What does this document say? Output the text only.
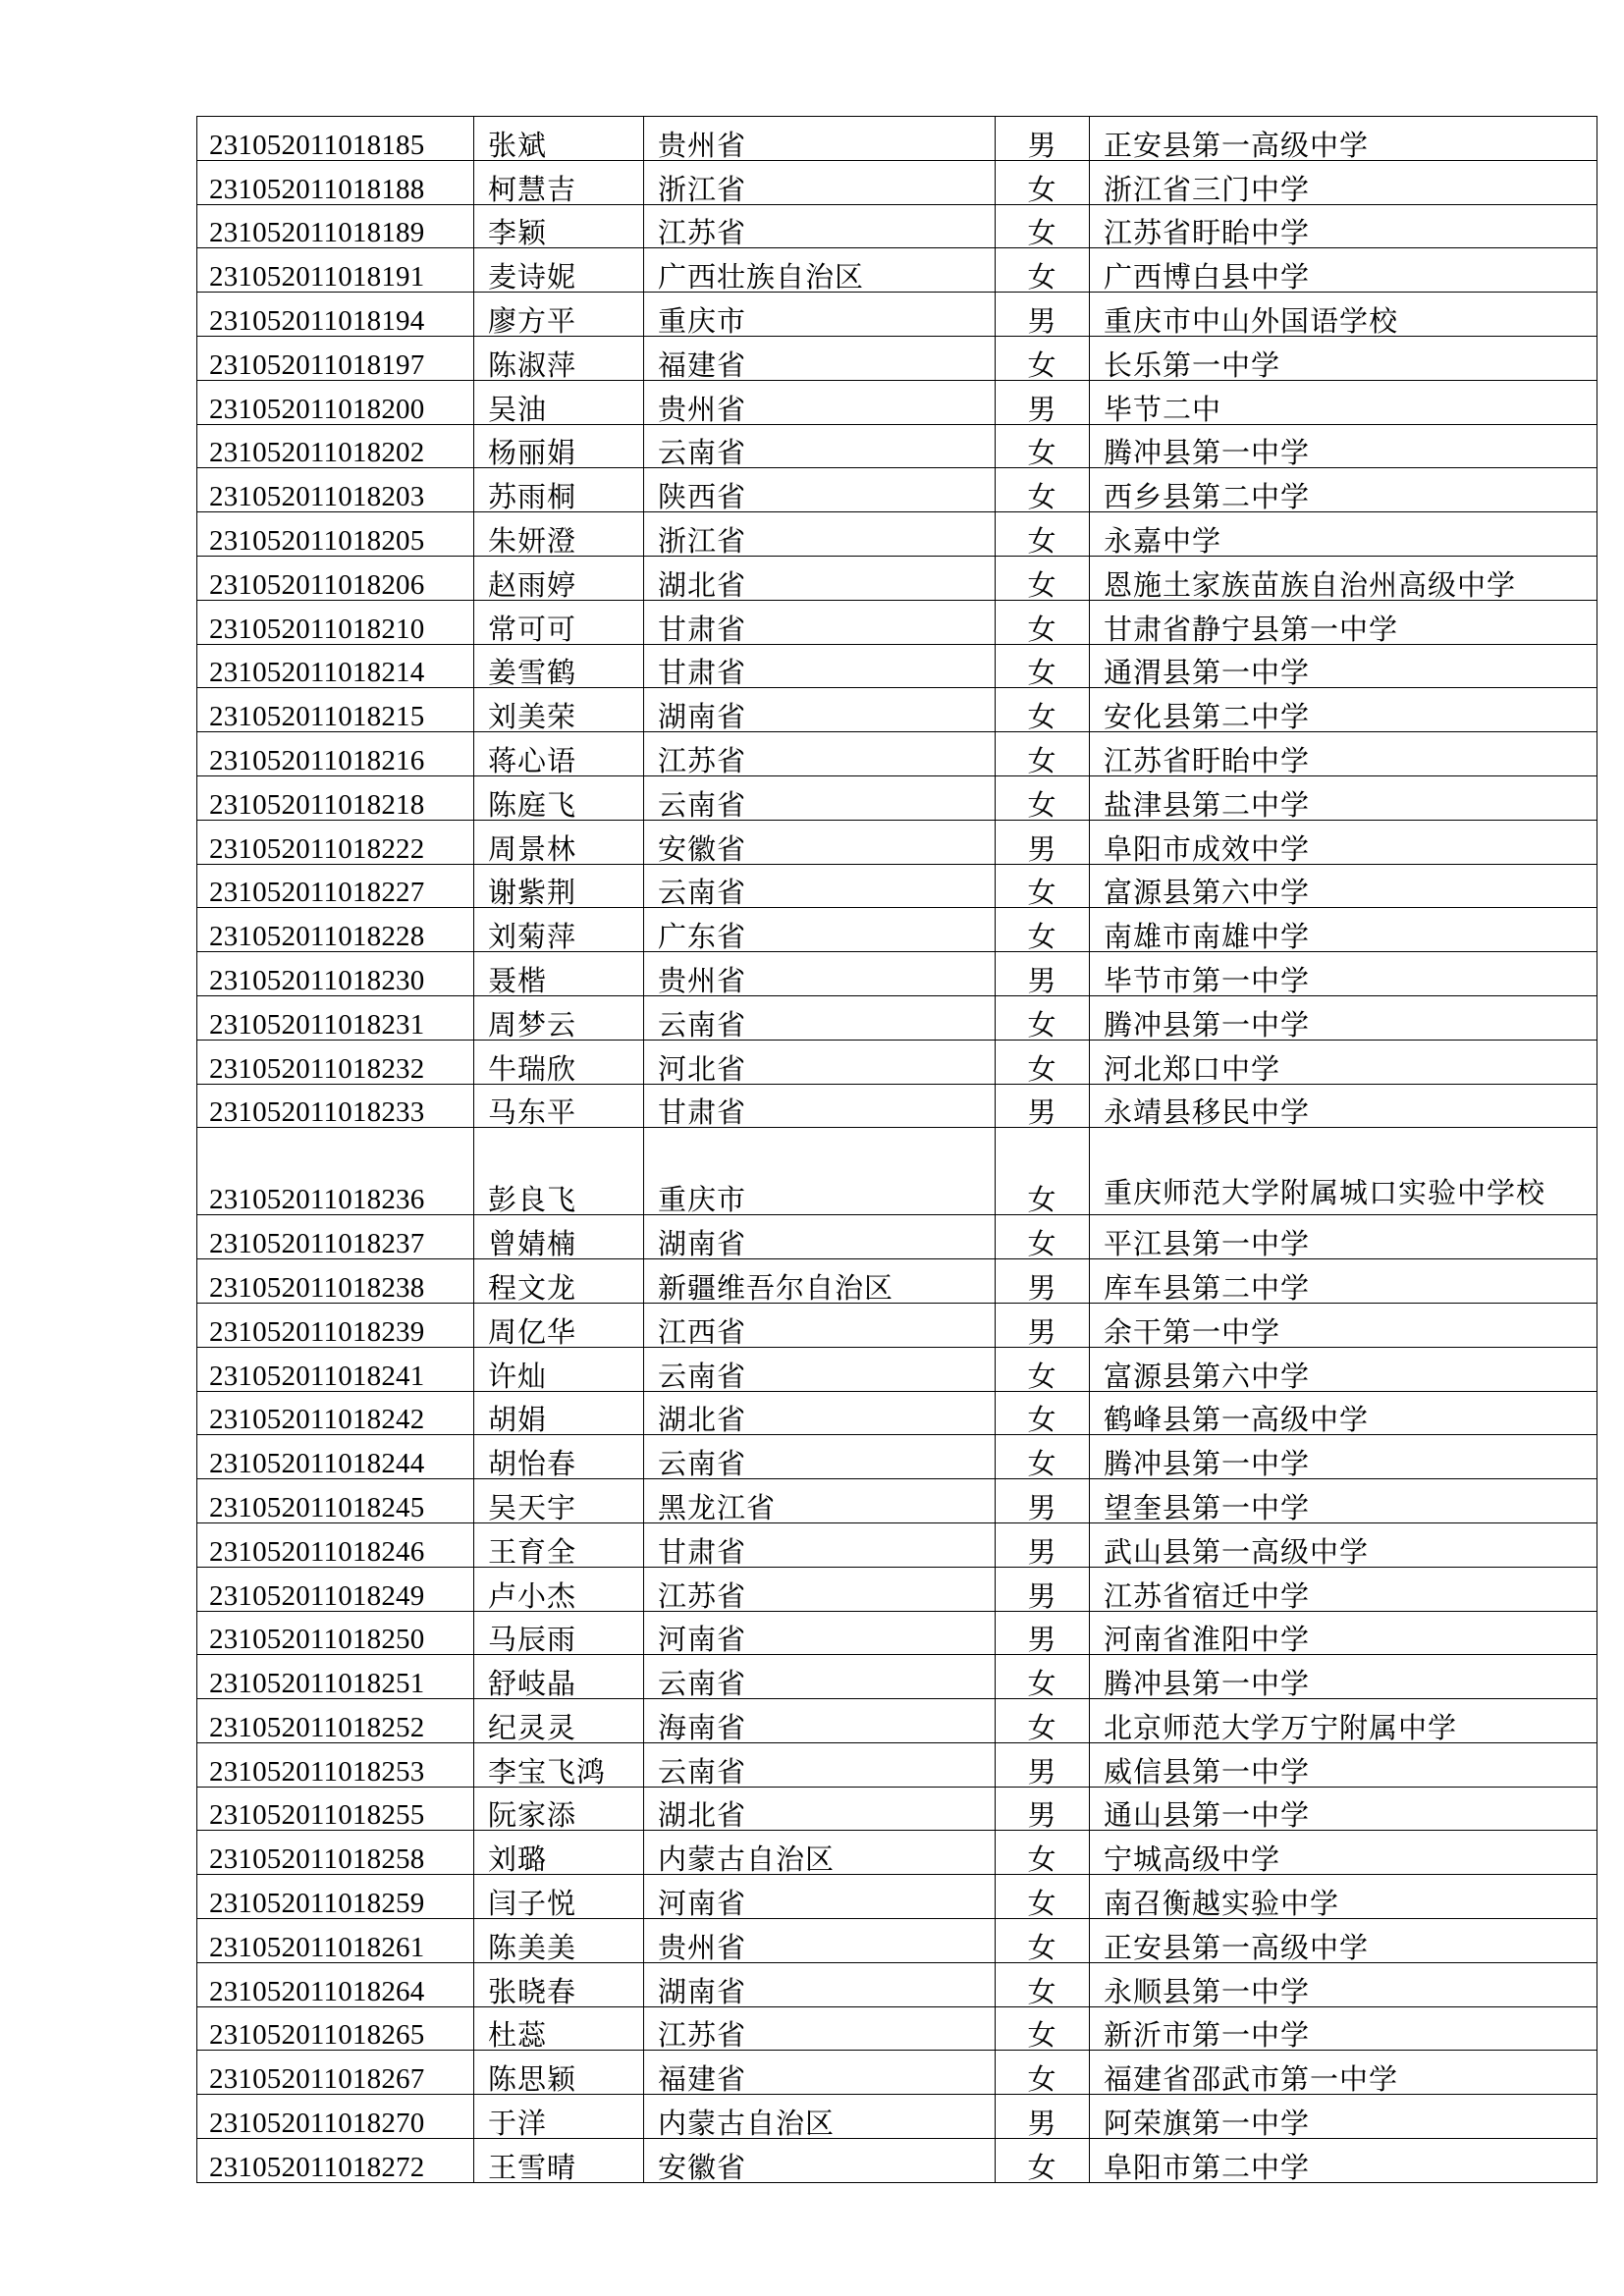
231052011018185	张斌	贵州省	男	正安县第一高级中学
231052011018188	柯慧吉	浙江省	女	浙江省三门中学
231052011018189	李颖	江苏省	女	江苏省盱眙中学
231052011018191	麦诗妮	广西壮族自治区	女	广西博白县中学
231052011018194	廖方平	重庆市	男	重庆市中山外国语学校
231052011018197	陈淑萍	福建省	女	长乐第一中学
231052011018200	吴油	贵州省	男	毕节二中
231052011018202	杨丽娟	云南省	女	腾冲县第一中学
231052011018203	苏雨桐	陕西省	女	西乡县第二中学
231052011018205	朱妍澄	浙江省	女	永嘉中学
231052011018206	赵雨婷	湖北省	女	恩施土家族苗族自治州高级中学
231052011018210	常可可	甘肃省	女	甘肃省静宁县第一中学
231052011018214	姜雪鹤	甘肃省	女	通渭县第一中学
231052011018215	刘美荣	湖南省	女	安化县第二中学
231052011018216	蒋心语	江苏省	女	江苏省盱眙中学
231052011018218	陈庭飞	云南省	女	盐津县第二中学
231052011018222	周景林	安徽省	男	阜阳市成效中学
231052011018227	谢紫荆	云南省	女	富源县第六中学
231052011018228	刘菊萍	广东省	女	南雄市南雄中学
231052011018230	聂楷	贵州省	男	毕节市第一中学
231052011018231	周梦云	云南省	女	腾冲县第一中学
231052011018232	牛瑞欣	河北省	女	河北郑口中学
231052011018233	马东平	甘肃省	男	永靖县移民中学
231052011018236	彭良飞	重庆市	女	重庆师范大学附属城口实验中学校
231052011018237	曾婧楠	湖南省	女	平江县第一中学
231052011018238	程文龙	新疆维吾尔自治区	男	库车县第二中学
231052011018239	周亿华	江西省	男	余干第一中学
231052011018241	许灿	云南省	女	富源县第六中学
231052011018242	胡娟	湖北省	女	鹤峰县第一高级中学
231052011018244	胡怡春	云南省	女	腾冲县第一中学
231052011018245	吴天宇	黑龙江省	男	望奎县第一中学
231052011018246	王育全	甘肃省	男	武山县第一高级中学
231052011018249	卢小杰	江苏省	男	江苏省宿迁中学
231052011018250	马辰雨	河南省	男	河南省淮阳中学
231052011018251	舒岐晶	云南省	女	腾冲县第一中学
231052011018252	纪灵灵	海南省	女	北京师范大学万宁附属中学
231052011018253	李宝飞鸿	云南省	男	威信县第一中学
231052011018255	阮家添	湖北省	男	通山县第一中学
231052011018258	刘璐	内蒙古自治区	女	宁城高级中学
231052011018259	闫子悦	河南省	女	南召衡越实验中学
231052011018261	陈美美	贵州省	女	正安县第一高级中学
231052011018264	张晓春	湖南省	女	永顺县第一中学
231052011018265	杜蕊	江苏省	女	新沂市第一中学
231052011018267	陈思颖	福建省	女	福建省邵武市第一中学
231052011018270	于洋	内蒙古自治区	男	阿荣旗第一中学
231052011018272	王雪晴	安徽省	女	阜阳市第二中学
